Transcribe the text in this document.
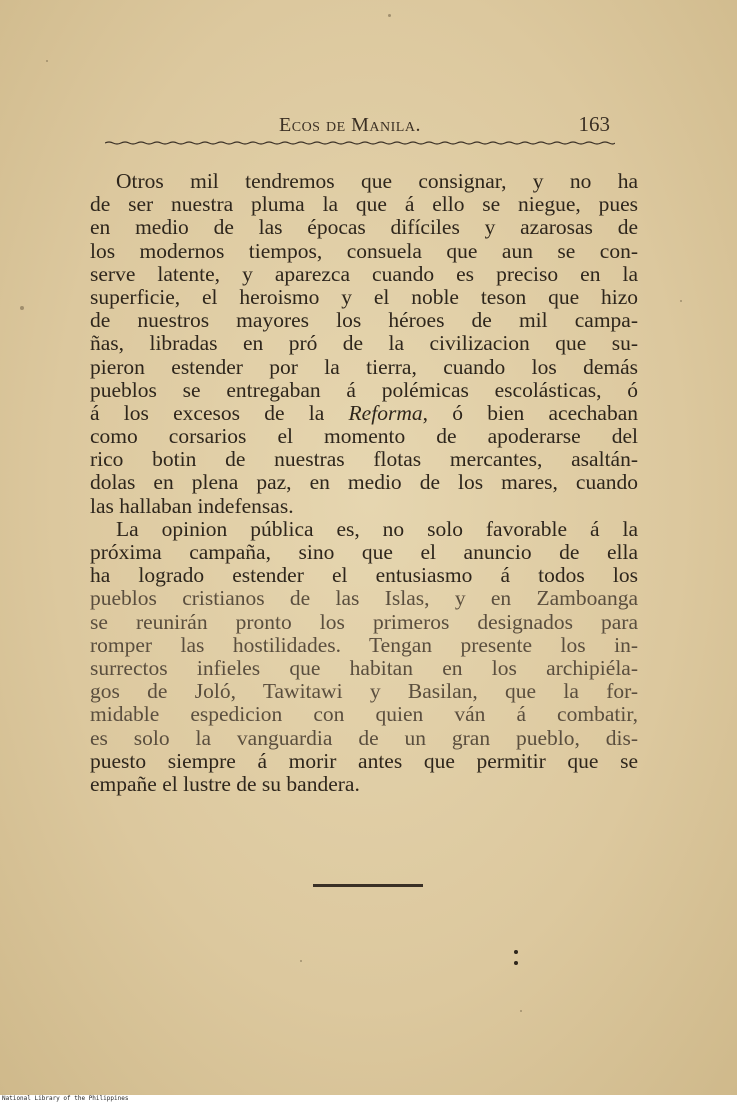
Ecos de Manila.	163
Otros mil tendremos que consignar, y no ha
de ser nuestra pluma la que á ello se niegue, pues
en medio de las épocas difíciles y azarosas de
los modernos tiempos, consuela que aun se con-
serve latente, y aparezca cuando es preciso en la
superficie, el heroismo y el noble teson que hizo
de nuestros mayores los héroes de mil campa-
ñas, libradas en pró de la civilizacion que su-
pieron estender por la tierra, cuando los demás
pueblos se entregaban á polémicas escolásticas, ó
á los excesos de la Reforma, ó bien acechaban
como corsarios el momento de apoderarse del
rico botin de nuestras flotas mercantes, asaltán-
dolas en plena paz, en medio de los mares, cuando
las hallaban indefensas.
La opinion pública es, no solo favorable á la
próxima campaña, sino que el anuncio de ella
ha logrado estender el entusiasmo á todos los
pueblos cristianos de las Islas, y en Zamboanga
se reunirán pronto los primeros designados para
romper las hostilidades. Tengan presente los in-
surrectos infieles que habitan en los archipiéla-
gos de Joló, Tawitawi y Basilan, que la for-
midable espedicion con quien ván á combatir,
es solo la vanguardia de un gran pueblo, dis-
puesto siempre á morir antes que permitir que se
empañe el lustre de su bandera.
National Library of the Philippines
